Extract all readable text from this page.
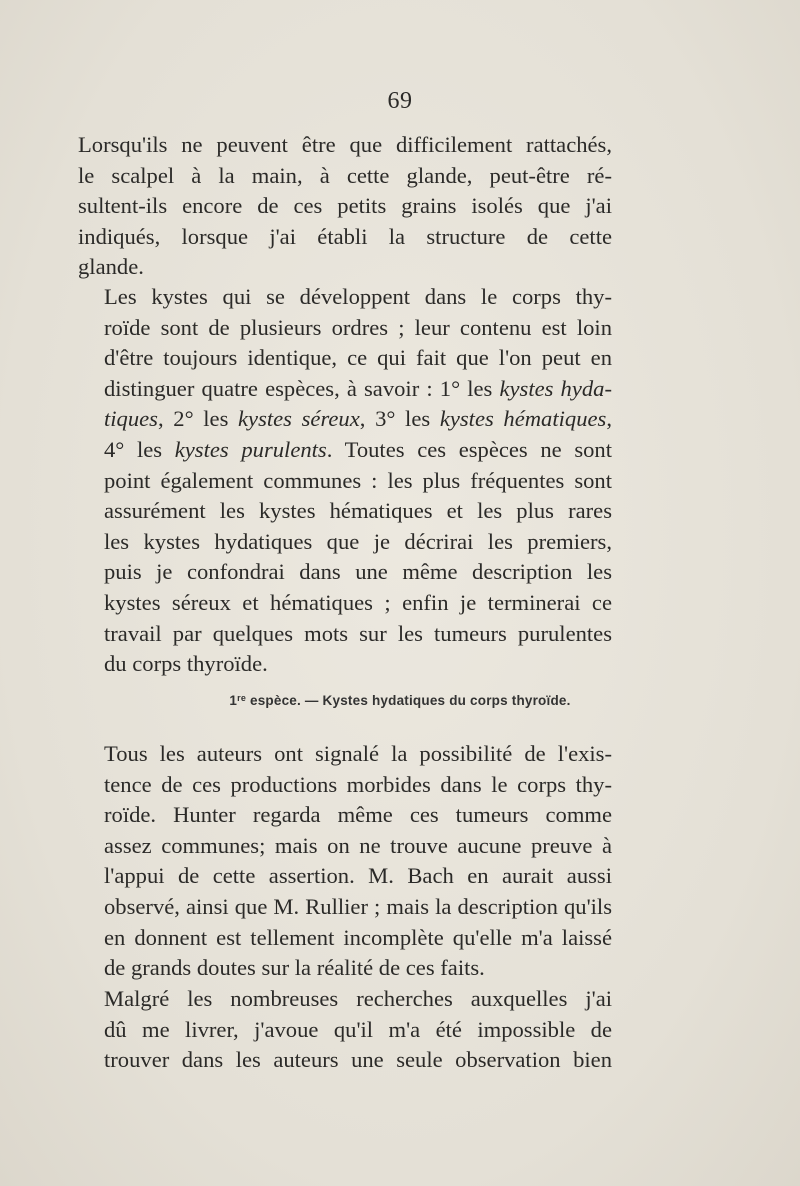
69
Lorsqu'ils ne peuvent être que difficilement rattachés,
le scalpel à la main, à cette glande, peut-être ré-
sultent-ils encore de ces petits grains isolés que j'ai
indiqués, lorsque j'ai établi la structure de cette
glande.
Les kystes qui se développent dans le corps thy-
roïde sont de plusieurs ordres ; leur contenu est loin
d'être toujours identique, ce qui fait que l'on peut en
distinguer quatre espèces, à savoir : 1° les kystes hyda-
tiques, 2° les kystes séreux, 3° les kystes hématiques,
4° les kystes purulents. Toutes ces espèces ne sont
point également communes : les plus fréquentes sont
assurément les kystes hématiques et les plus rares
les kystes hydatiques que je décrirai les premiers,
puis je confondrai dans une même description les
kystes séreux et hématiques ; enfin je terminerai ce
travail par quelques mots sur les tumeurs purulentes
du corps thyroïde.
1re espèce. — Kystes hydatiques du corps thyroïde.
Tous les auteurs ont signalé la possibilité de l'exis-
tence de ces productions morbides dans le corps thy-
roïde. Hunter regarda même ces tumeurs comme
assez communes; mais on ne trouve aucune preuve à
l'appui de cette assertion. M. Bach en aurait aussi
observé, ainsi que M. Rullier ; mais la description qu'ils
en donnent est tellement incomplète qu'elle m'a laissé
de grands doutes sur la réalité de ces faits.
Malgré les nombreuses recherches auxquelles j'ai
dû me livrer, j'avoue qu'il m'a été impossible de
trouver dans les auteurs une seule observation bien
